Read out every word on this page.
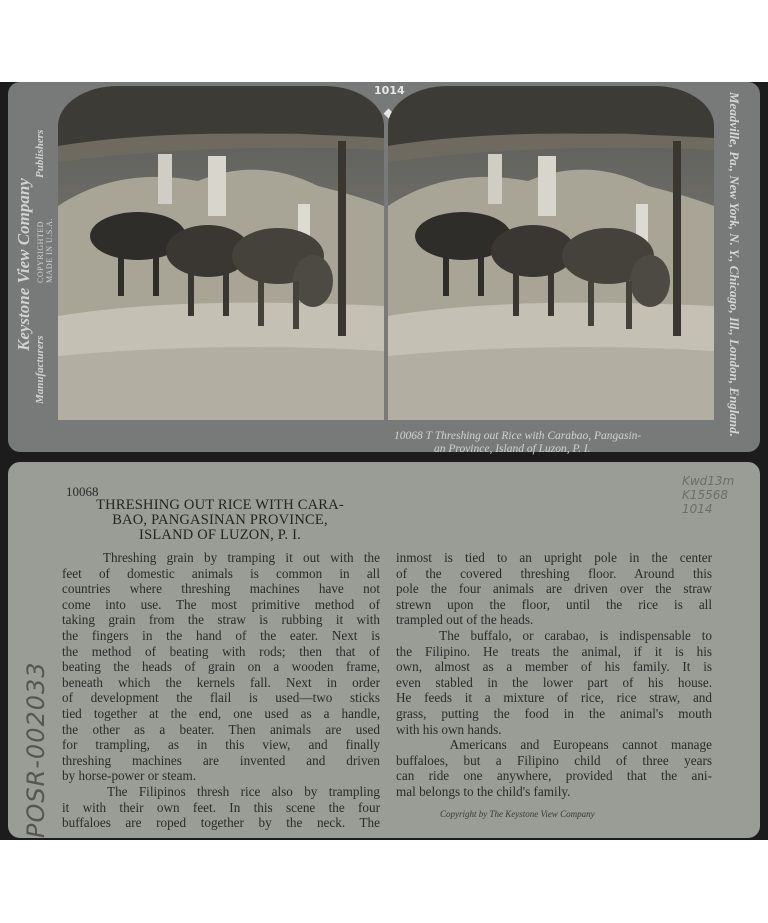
Keystone View Company
Publishers
COPYRIGHTED
MADE IN U.S.A.
Manufacturers	Meadville, Pa., New York, N. Y., Chicago, Ill., London, England.
1014
10068 T Threshing out Rice with Carabao, Pangasin-
an Province, Island of Luzon, P. I.
10068
THRESHING OUT RICE WITH CARA-
BAO, PANGASINAN PROVINCE,
ISLAND OF LUZON, P. I.
Threshing grain by tramping it out with the
feet of domestic animals is common in all
countries where threshing machines have not
come into use. The most primitive method of
taking grain from the straw is rubbing it with
the fingers in the hand of the eater. Next is
the method of beating with rods; then that of
beating the heads of grain on a wooden frame,
beneath which the kernels fall. Next in order
of development the flail is used—two sticks
tied together at the end, one used as a handle,
the other as a beater. Then animals are used
for trampling, as in this view, and finally
threshing machines are invented and driven
by horse-power or steam.
The Filipinos thresh rice also by trampling
it with their own feet. In this scene the four
buffaloes are roped together by the neck. The
inmost is tied to an upright pole in the center
of the covered threshing floor. Around this
pole the four animals are driven over the straw
strewn upon the floor, until the rice is all
trampled out of the heads.
The buffalo, or carabao, is indispensable to
the Filipino. He treats the animal, if it is his
own, almost as a member of his family. It is
even stabled in the lower part of his house.
He feeds it a mixture of rice, rice straw, and
grass, putting the food in the animal's mouth
with his own hands.
Americans and Europeans cannot manage
buffaloes, but a Filipino child of three years
can ride one anywhere, provided that the ani-
mal belongs to the child's family.
Copyright by The Keystone View Company
POSR-002033
Kwd13m
K15568
1014
